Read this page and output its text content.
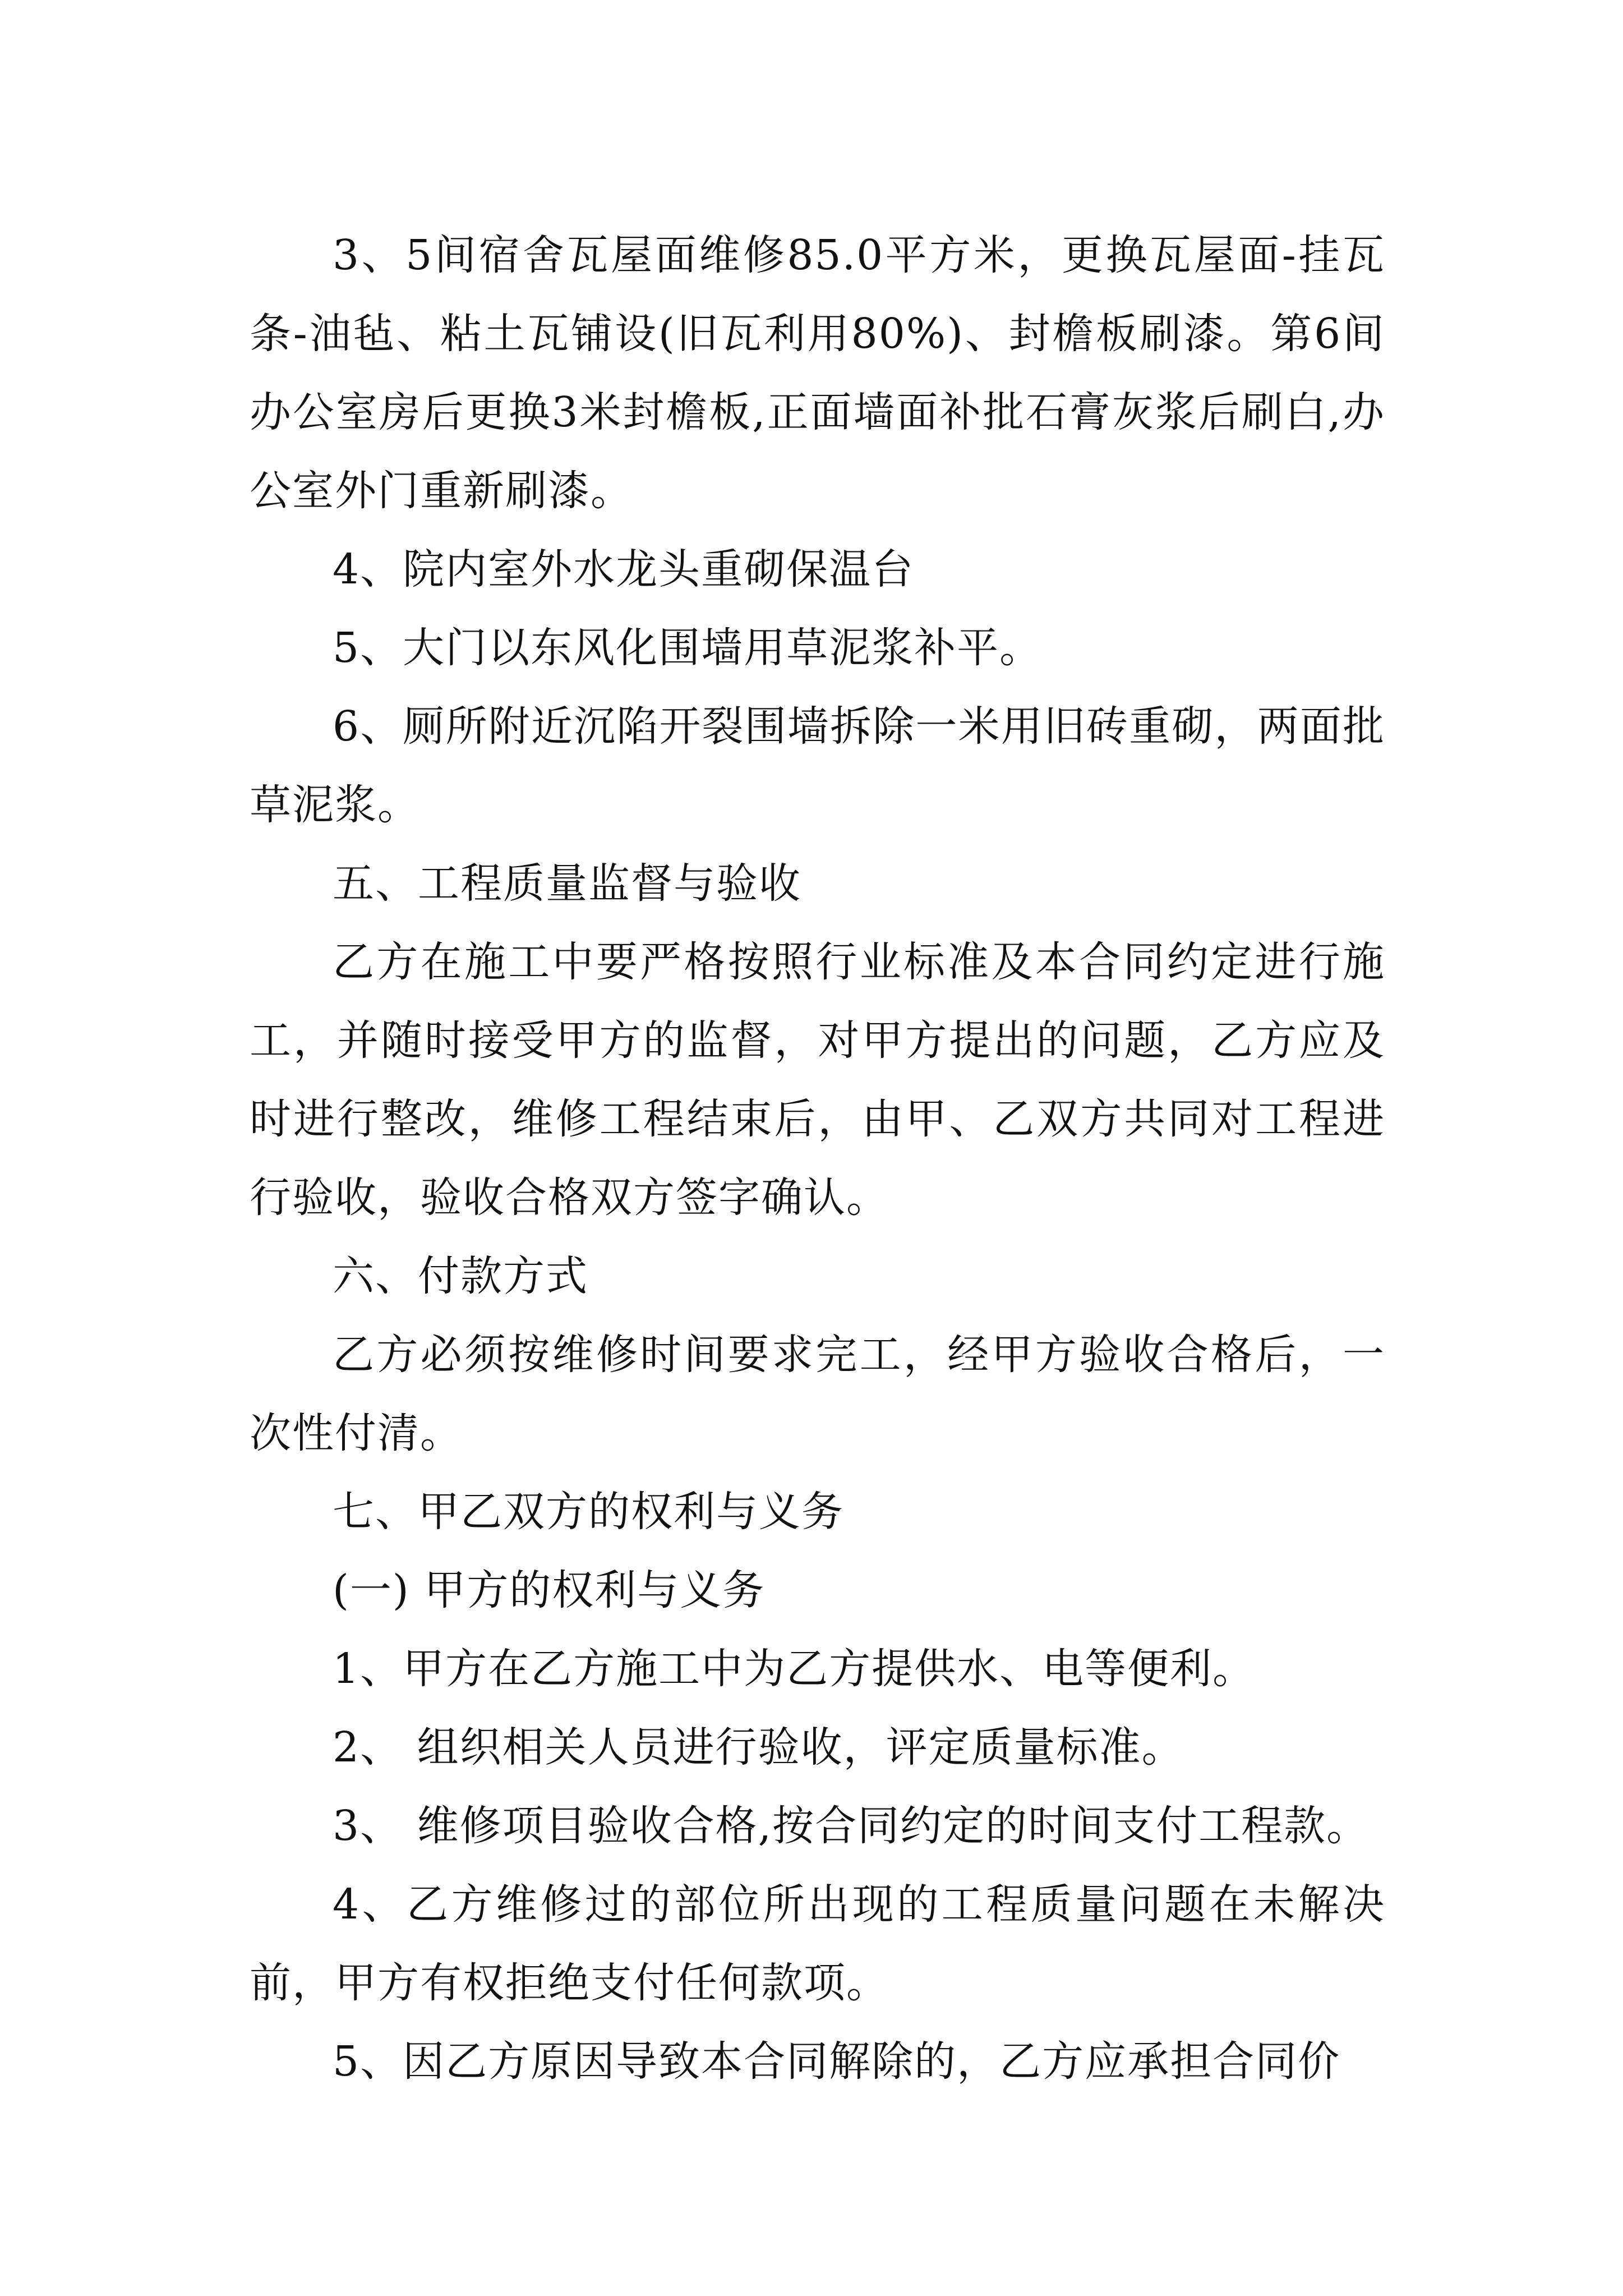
3、5间宿舍瓦屋面维修85.0平方米，更换瓦屋面-挂瓦条-油毡、粘土瓦铺设(旧瓦利用80%)、封檐板刷漆。第6间办公室房后更换3米封檐板,正面墙面补批石膏灰浆后刷白,办公室外门重新刷漆。

4、院内室外水龙头重砌保温台

5、大门以东风化围墙用草泥浆补平。

6、厕所附近沉陷开裂围墙拆除一米用旧砖重砌，两面批草泥浆。

五、工程质量监督与验收

乙方在施工中要严格按照行业标准及本合同约定进行施工，并随时接受甲方的监督，对甲方提出的问题，乙方应及时进行整改，维修工程结束后，由甲、乙双方共同对工程进行验收，验收合格双方签字确认。

六、付款方式

乙方必须按维修时间要求完工，经甲方验收合格后，一次性付清。

七、甲乙双方的权利与义务

(一) 甲方的权利与义务

1、甲方在乙方施工中为乙方提供水、电等便利。

2、 组织相关人员进行验收，评定质量标准。

3、 维修项目验收合格,按合同约定的时间支付工程款。

4、乙方维修过的部位所出现的工程质量问题在未解决前，甲方有权拒绝支付任何款项。

5、因乙方原因导致本合同解除的，乙方应承担合同价
